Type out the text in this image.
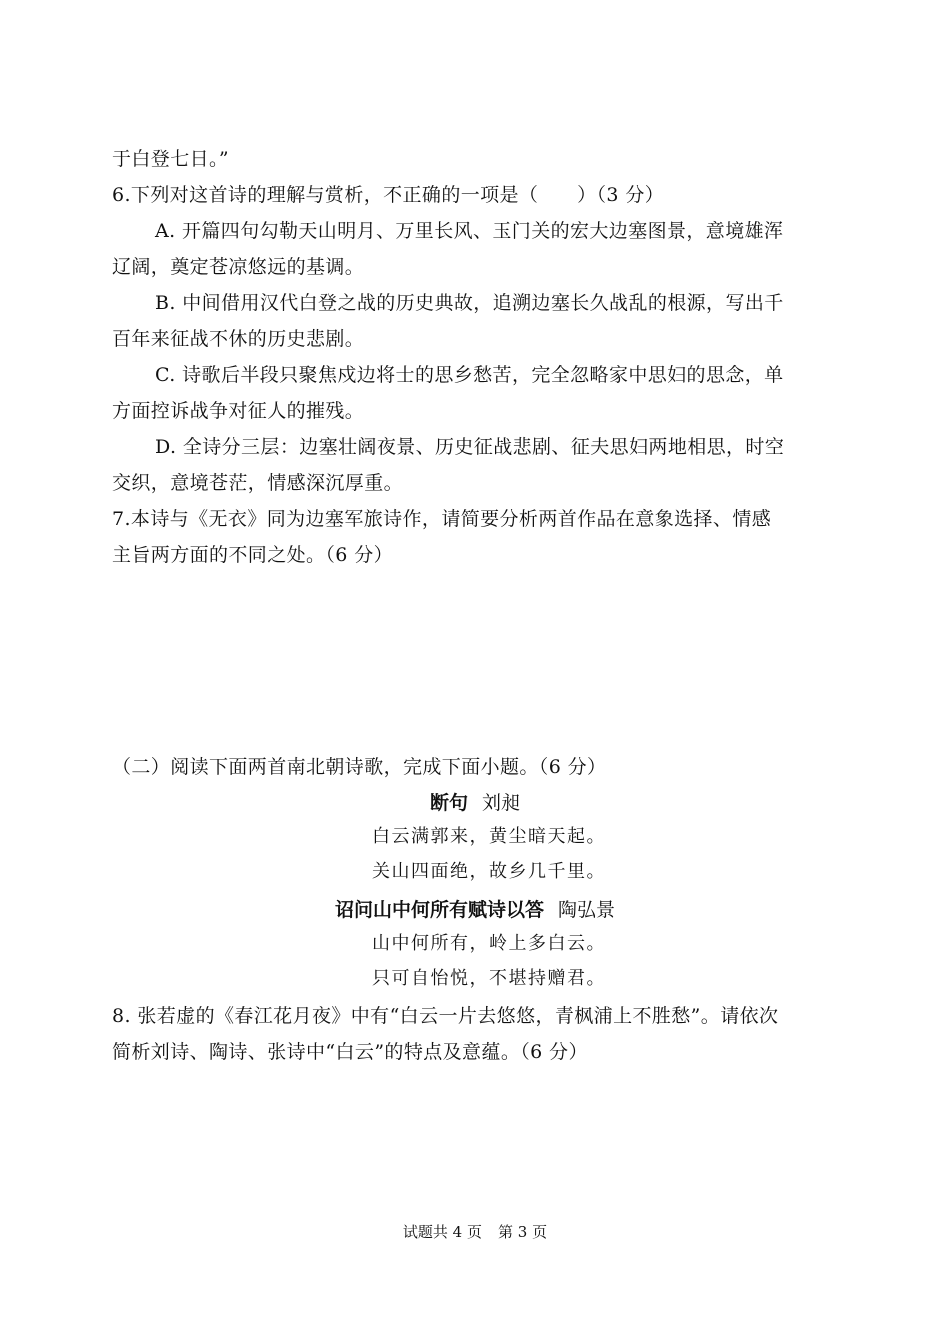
于白登七日。”
6.下列对这首诗的理解与赏析，不正确的一项是（　　）（3 分）
A. 开篇四句勾勒天山明月、万里长风、玉门关的宏大边塞图景，意境雄浑
辽阔，奠定苍凉悠远的基调。
B. 中间借用汉代白登之战的历史典故，追溯边塞长久战乱的根源，写出千
百年来征战不休的历史悲剧。
C. 诗歌后半段只聚焦戍边将士的思乡愁苦，完全忽略家中思妇的思念，单
方面控诉战争对征人的摧残。
D. 全诗分三层：边塞壮阔夜景、历史征战悲剧、征夫思妇两地相思，时空
交织，意境苍茫，情感深沉厚重。
7.本诗与《无衣》同为边塞军旅诗作，请简要分析两首作品在意象选择、情感
主旨两方面的不同之处。（6 分）
（二）阅读下面两首南北朝诗歌，完成下面小题。（6 分）
断句 刘昶
白云满郭来，黄尘暗天起。
关山四面绝，故乡几千里。
诏问山中何所有赋诗以答 陶弘景
山中何所有，岭上多白云。
只可自怡悦，不堪持赠君。
8. 张若虚的《春江花月夜》中有“白云一片去悠悠，青枫浦上不胜愁”。请依次
简析刘诗、陶诗、张诗中“白云”的特点及意蕴。（6 分）
试题共 4 页 第 3 页
